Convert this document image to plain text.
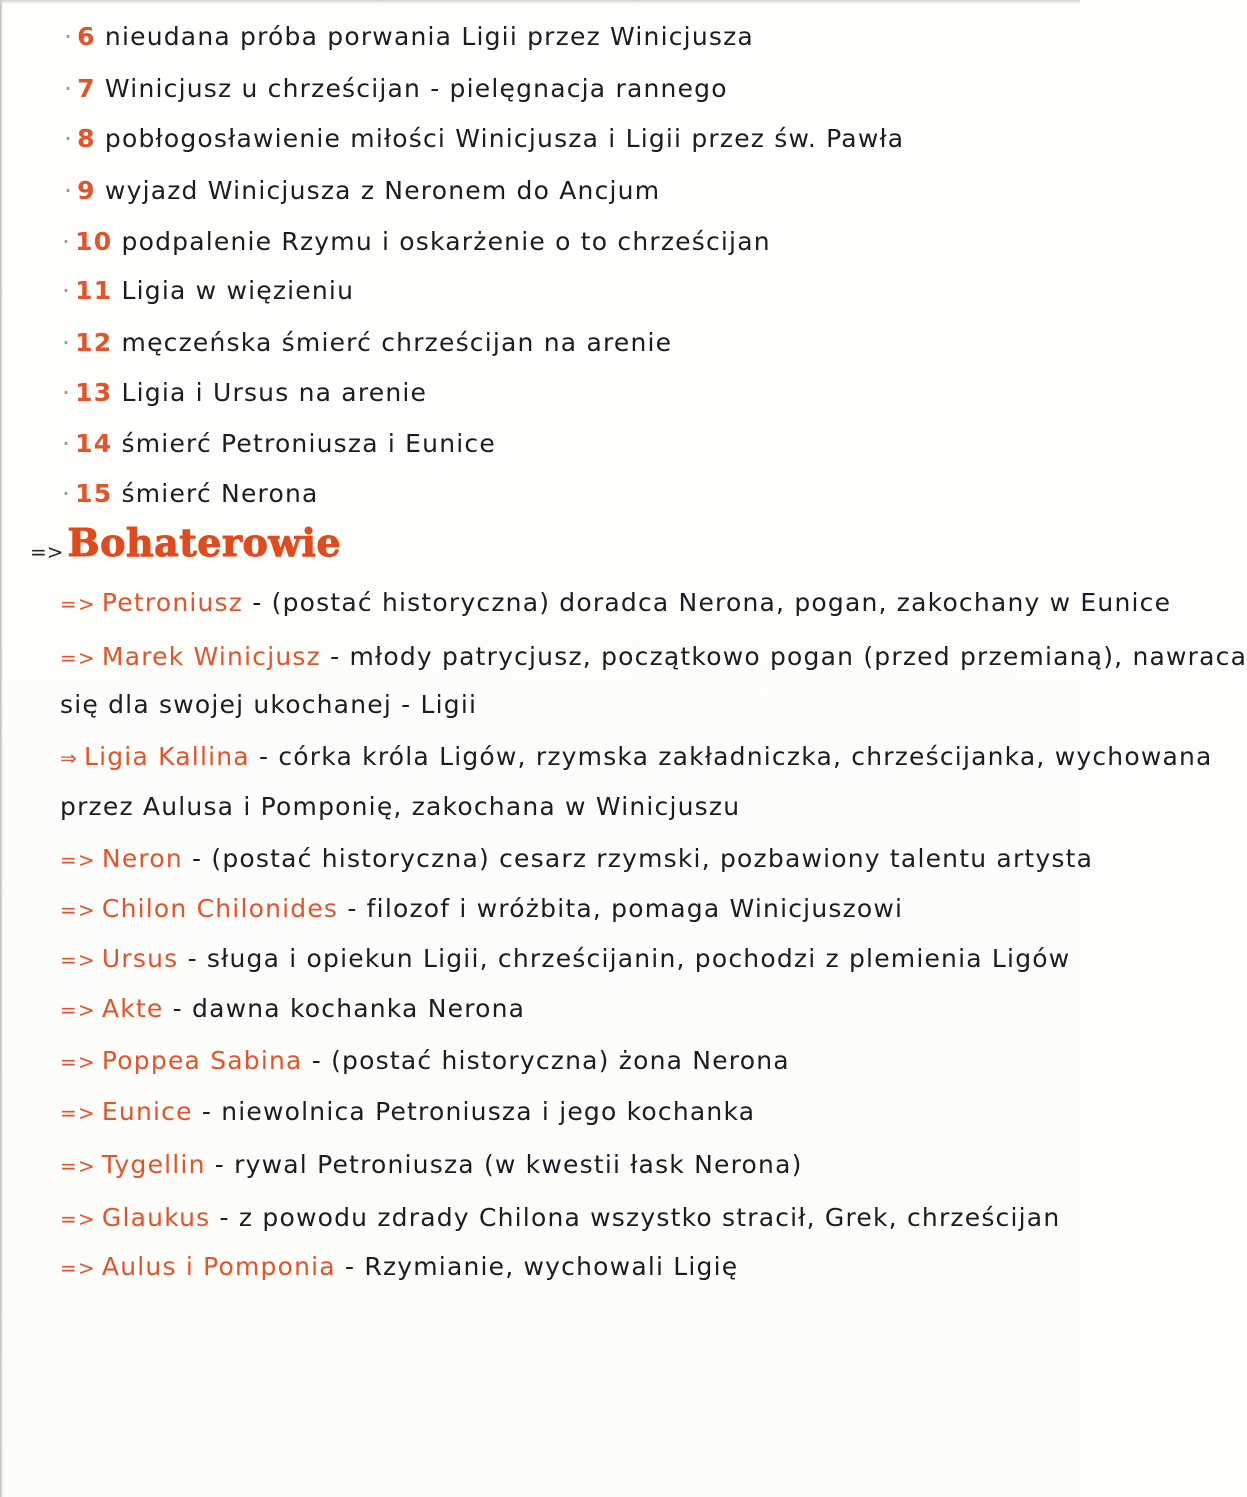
· 6 nieudana próba porwania Ligii przez Winicjusza
· 7 Winicjusz u chrześcijan - pielęgnacja rannego
· 8 pobłogosławienie miłości Winicjusza i Ligii przez św. Pawła
· 9 wyjazd Winicjusza z Neronem do Ancjum
· 10 podpalenie Rzymu i oskarżenie o to chrześcijan
· 11 Ligia w więzieniu
· 12 męczeńska śmierć chrześcijan na arenie
· 13 Ligia i Ursus na arenie
· 14 śmierć Petroniusza i Eunice
· 15 śmierć Nerona
=> Bohaterowie
=> Petroniusz - (postać historyczna) doradca Nerona, pogan, zakochany w Eunice
=> Marek Winicjusz - młody patrycjusz, początkowo pogan (przed przemianą), nawraca
się dla swojej ukochanej - Ligii
⇒ Ligia Kallina - córka króla Ligów, rzymska zakładniczka, chrześcijanka, wychowana
przez Aulusa i Pomponię, zakochana w Winicjuszu
=> Neron - (postać historyczna) cesarz rzymski, pozbawiony talentu artysta
=> Chilon Chilonides - filozof i wróżbita, pomaga Winicjuszowi
=> Ursus - sługa i opiekun Ligii, chrześcijanin, pochodzi z plemienia Ligów
=> Akte - dawna kochanka Nerona
=> Poppea Sabina - (postać historyczna) żona Nerona
=> Eunice - niewolnica Petroniusza i jego kochanka
=> Tygellin - rywal Petroniusza (w kwestii łask Nerona)
=> Glaukus - z powodu zdrady Chilona wszystko stracił, Grek, chrześcijan
=> Aulus i Pomponia - Rzymianie, wychowali Ligię
